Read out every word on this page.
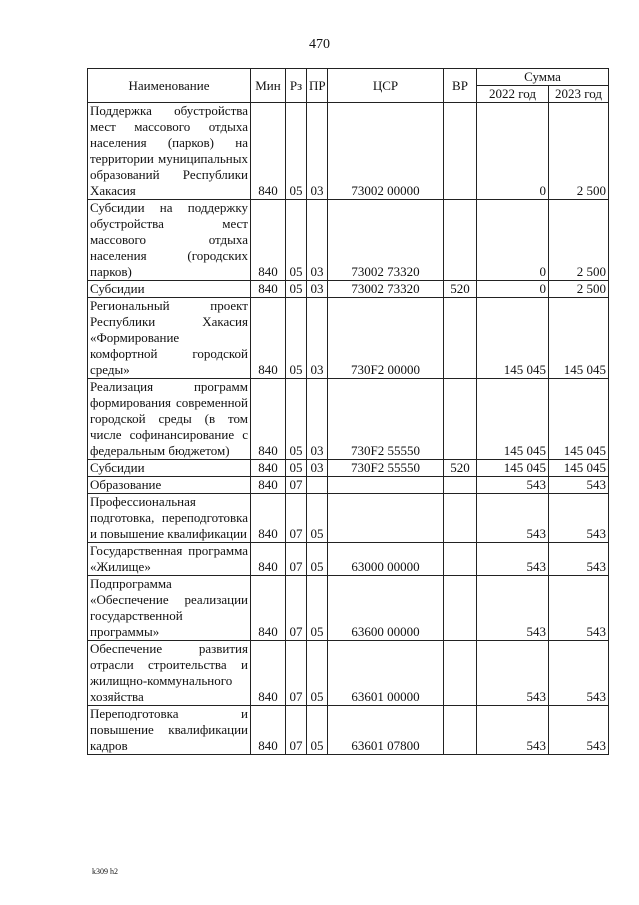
470
Наименование	Мин	Рз	ПР	ЦСР	ВР	Сумма	
						2022 год	2023 год
Поддержка обустройства мест массового отдыха населения (парков) на территории муниципальных образований Республики Хакасия	840	05	03	73002 00000		0	2 500
Субсидии на поддержку обустройства мест массового отдыха населения (городских парков)	840	05	03	73002 73320		0	2 500
Субсидии	840	05	03	73002 73320	520	0	2 500
Региональный проект Республики Хакасия «Формирование комфортной городской среды»	840	05	03	730F2 00000		145 045	145 045
Реализация программ формирования современной городской среды (в том числе софинансирование с федеральным бюджетом)	840	05	03	730F2 55550		145 045	145 045
Субсидии	840	05	03	730F2 55550	520	145 045	145 045
Образование	840	07				543	543
Профессиональная подготовка, переподготовка и повышение квалификации	840	07	05			543	543
Государственная программа «Жилище»	840	07	05	63000 00000		543	543
Подпрограмма «Обеспечение реализации государственной программы»	840	07	05	63600 00000		543	543
Обеспечение развития отрасли строительства и жилищно-коммунального хозяйства	840	07	05	63601 00000		543	543
Переподготовка и повышение квалификации кадров	840	07	05	63601 07800		543	543
k309 h2
